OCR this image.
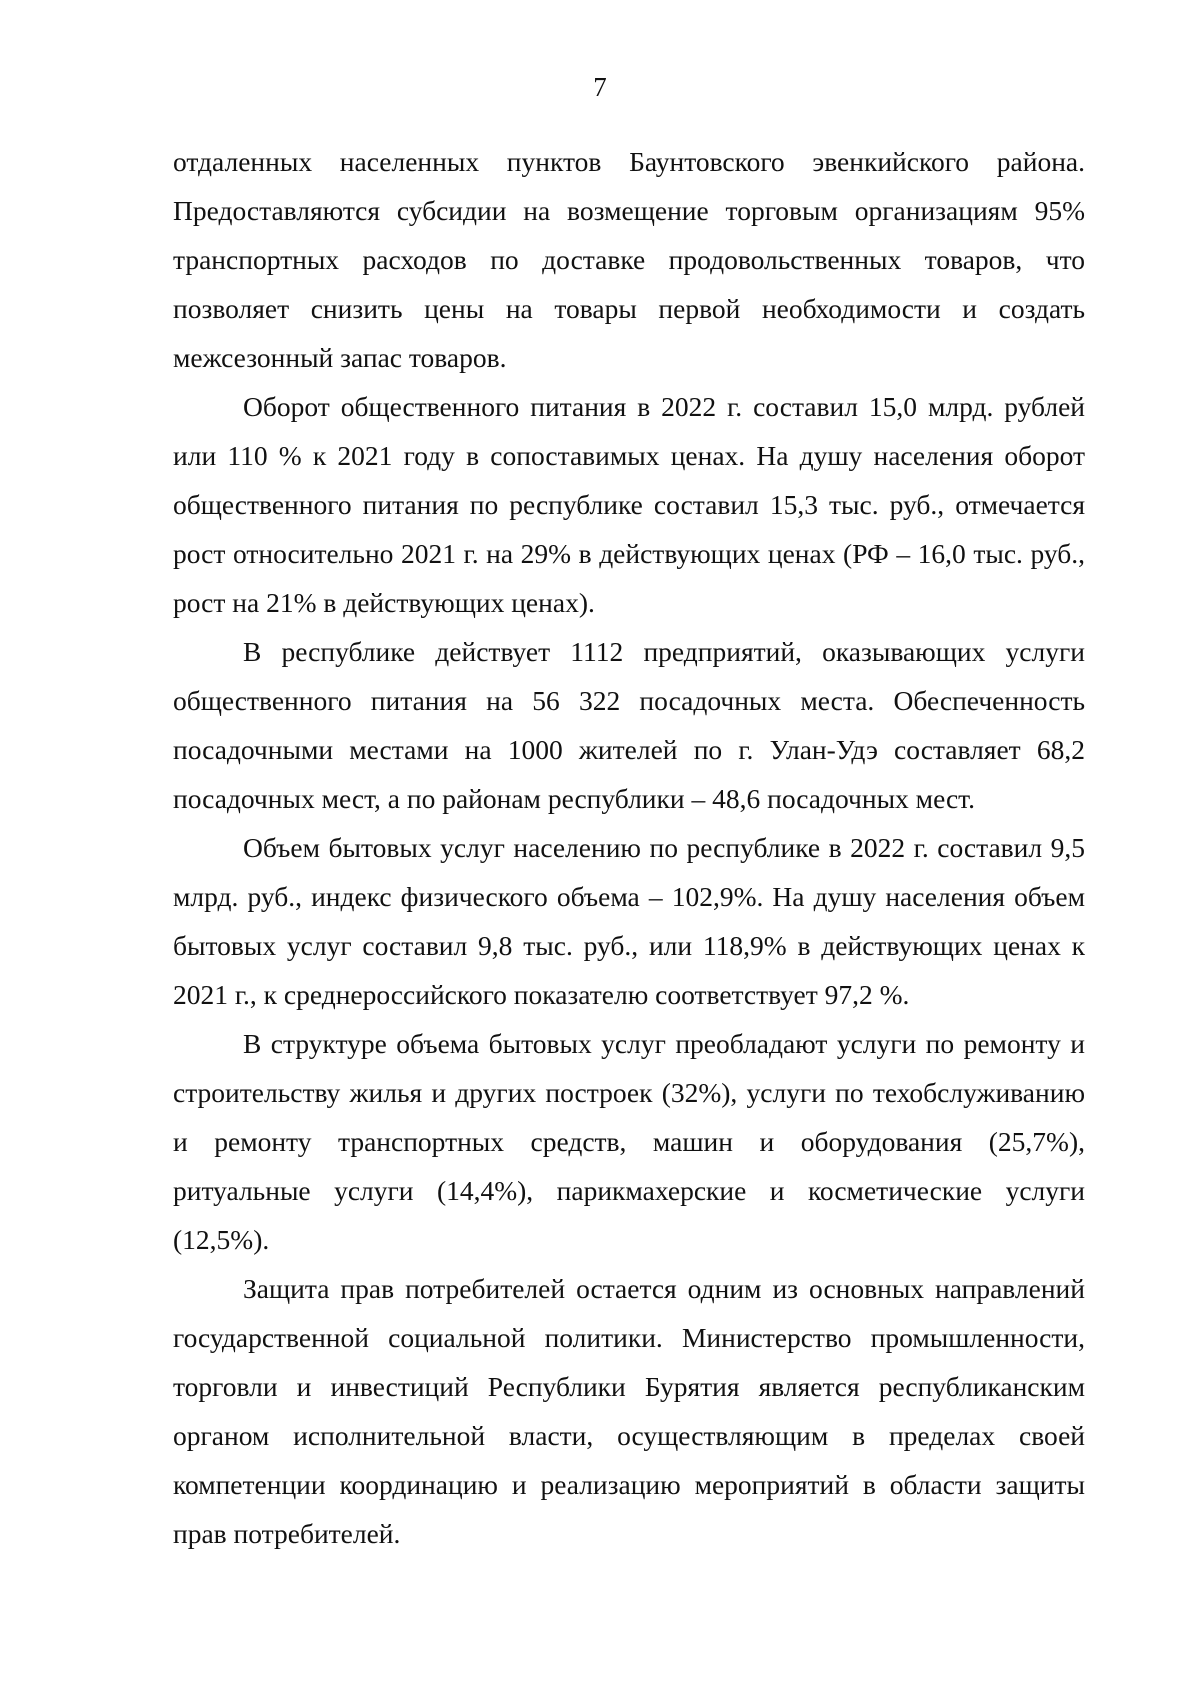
7

отдаленных населенных пунктов Баунтовского эвенкийского района. Предоставляются субсидии на возмещение торговым организациям 95% транспортных расходов по доставке продовольственных товаров, что позволяет снизить цены на товары первой необходимости и создать межсезонный запас товаров.

Оборот общественного питания в 2022 г. составил 15,0 млрд. рублей или 110 % к 2021 году в сопоставимых ценах. На душу населения оборот общественного питания по республике составил 15,3 тыс. руб., отмечается рост относительно 2021 г. на 29% в действующих ценах (РФ – 16,0 тыс. руб., рост на 21% в действующих ценах).

В республике действует 1112 предприятий, оказывающих услуги общественного питания на 56 322 посадочных места. Обеспеченность посадочными местами на 1000 жителей по г. Улан-Удэ составляет 68,2 посадочных мест, а по районам республики – 48,6 посадочных мест.

Объем бытовых услуг населению по республике в 2022 г. составил 9,5 млрд. руб., индекс физического объема – 102,9%. На душу населения объем бытовых услуг составил 9,8 тыс. руб., или 118,9% в действующих ценах к 2021 г., к среднероссийского показателю соответствует 97,2 %.

В структуре объема бытовых услуг преобладают услуги по ремонту и строительству жилья и других построек (32%), услуги по техобслуживанию и ремонту транспортных средств, машин и оборудования (25,7%), ритуальные услуги (14,4%), парикмахерские и косметические услуги (12,5%).

Защита прав потребителей остается одним из основных направлений государственной социальной политики. Министерство промышленности, торговли и инвестиций Республики Бурятия является республиканским органом исполнительной власти, осуществляющим в пределах своей компетенции координацию и реализацию мероприятий в области защиты прав потребителей.
